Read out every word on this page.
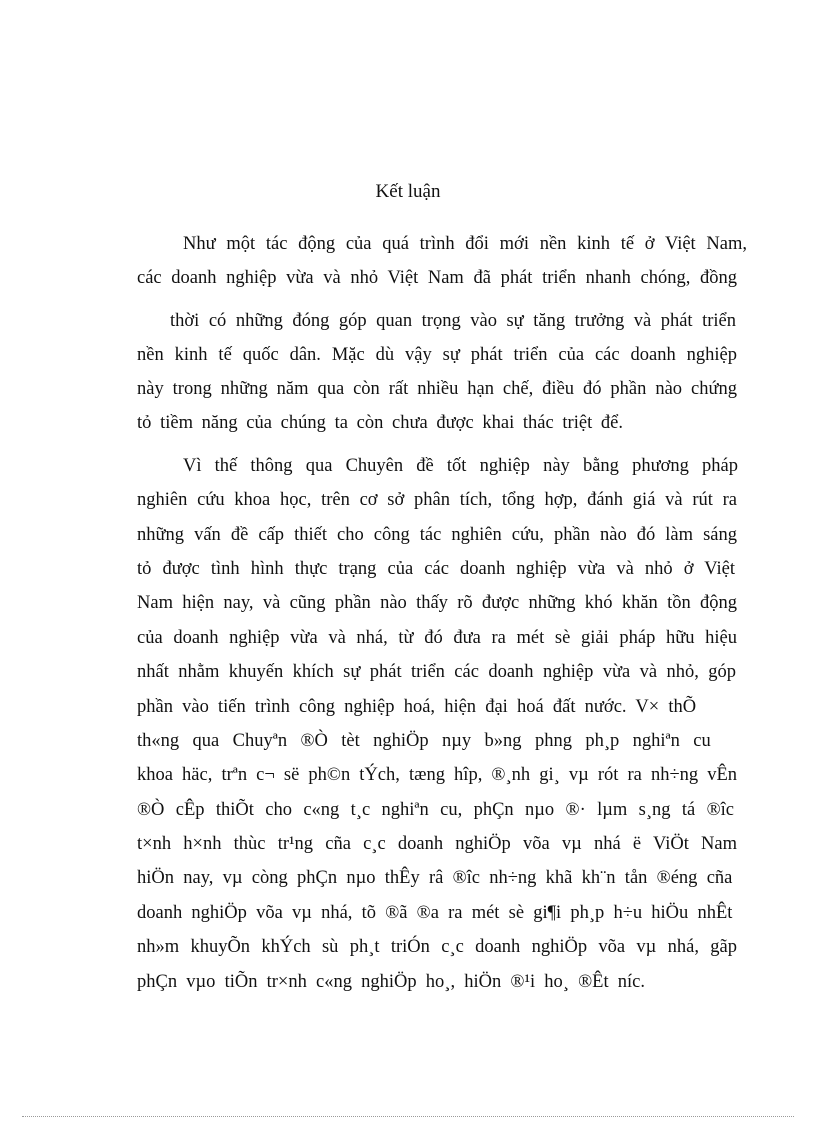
Kết luận
Như một tác động của quá trình đổi mới nền kinh tế ở Việt Nam,
các doanh nghiệp vừa và nhỏ Việt Nam đã phát triển nhanh chóng, đồng
thời có những đóng góp quan trọng vào sự tăng trưởng và phát triển
nền kinh tế quốc dân. Mặc dù vậy sự phát triển của các doanh nghiệp
này trong những năm qua còn rất nhiều hạn chế, điều đó phần nào chứng
tỏ tiềm năng của chúng ta còn chưa được khai thác triệt để.
Vì thế thông qua Chuyên đề tốt nghiệp này bằng phương pháp
nghiên cứu khoa học, trên cơ sở phân tích, tổng hợp, đánh giá và rút ra
những vấn đề cấp thiết cho công tác nghiên cứu, phần nào đó làm sáng
tỏ được tình hình thực trạng của các doanh nghiệp vừa và nhỏ ở Việt
Nam hiện nay, và cũng phần nào thấy rõ được những khó khăn tồn động
của doanh nghiệp vừa và nhá, từ đó đưa ra mét sè giải pháp hữu hiệu
nhất nhằm khuyến khích sự phát triển các doanh nghiệp vừa và nhỏ, góp
phần vào tiến trình công nghiệp hoá, hiện đại hoá đất nước. V× thÕ
th«ng qua Chuyªn ®Ò tèt nghiÖp nµy b»ng phng ph¸p nghiªn cu
khoa häc, trªn c¬ së ph©n tÝch, tæng hîp, ®¸nh gi¸ vµ rót ra nh÷ng vÊn
®Ò cÊp thiÕt cho c«ng t¸c nghiªn cu, phÇn nµo ®· lµm s¸ng tá ®îc
t×nh h×nh thùc tr¹ng cña c¸c doanh nghiÖp võa vµ nhá ë ViÖt Nam
hiÖn nay, vµ còng phÇn nµo thÊy râ ®îc nh÷ng khã kh¨n tån ®éng cña
doanh nghiÖp võa vµ nhá, tõ ®ã ®a ra mét sè gi¶i ph¸p h÷u hiÖu nhÊt
nh»m khuyÕn khÝch sù ph¸t triÓn c¸c doanh nghiÖp võa vµ nhá, gãp
phÇn vµo tiÕn tr×nh c«ng nghiÖp ho¸, hiÖn ®¹i ho¸ ®Êt níc.
